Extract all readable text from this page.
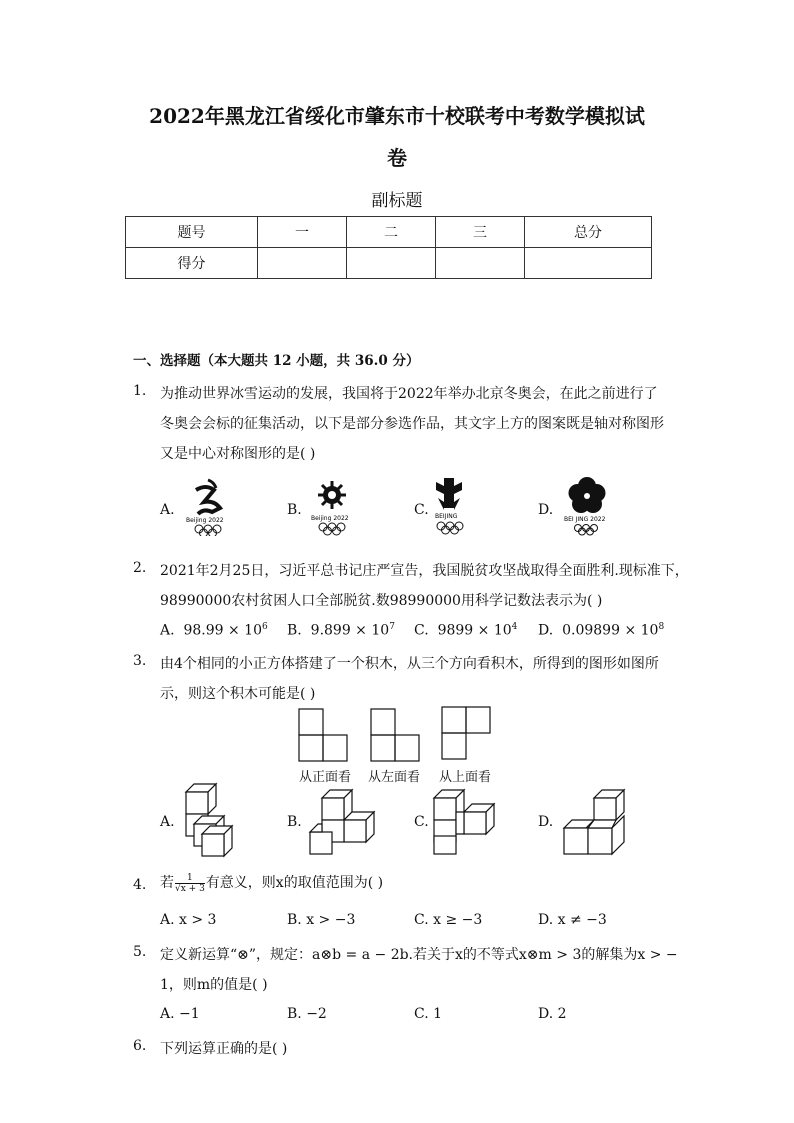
2022年黑龙江省绥化市肇东市十校联考中考数学模拟试
卷
副标题
题号	一	二	三	总分
得分				
一、选择题（本大题共 12 小题，共 36.0 分）
1. 为推动世界冰雪运动的发展，我国将于2022年举办北京冬奥会，在此之前进行了
冬奥会会标的征集活动，以下是部分参选作品，其文字上方的图案既是轴对称图形
又是中心对称图形的是( )
A.
Beijing 2022
B.
Beijing 2022
C. BEIJING	D.
BEI JING 2022
2. 2021年2月25日，习近平总书记庄严宣告，我国脱贫攻坚战取得全面胜利.现标准下，
98990000农村贫困人口全部脱贫.数98990000用科学记数法表示为( )
A. $98.99 \times 10^6$ B. $9.899 \times 10^7$ C. $9899 \times 10^4$ D. $0.09899 \times 10^8$
3. 由4个相同的小正方体搭建了一个积木，从三个方向看积木，所得到的图形如图所
示，则这个积木可能是( )
从正面看 从左面看 从上面看
A.	B.	C.	D.
4. 若 $\frac{1}{√x + 3}$ 有意义，则x的取值范围为( )
A. x > 3	B. x > −3	C. x ≥ −3	D. x ≠ −3
5. 定义新运算“⊗”，规定：a⊗b = a − 2b.若关于x的不等式x⊗m > 3的解集为x > −
1，则m的值是( )
A. −1	B. −2	C. 1	D. 2
6. 下列运算正确的是( )
